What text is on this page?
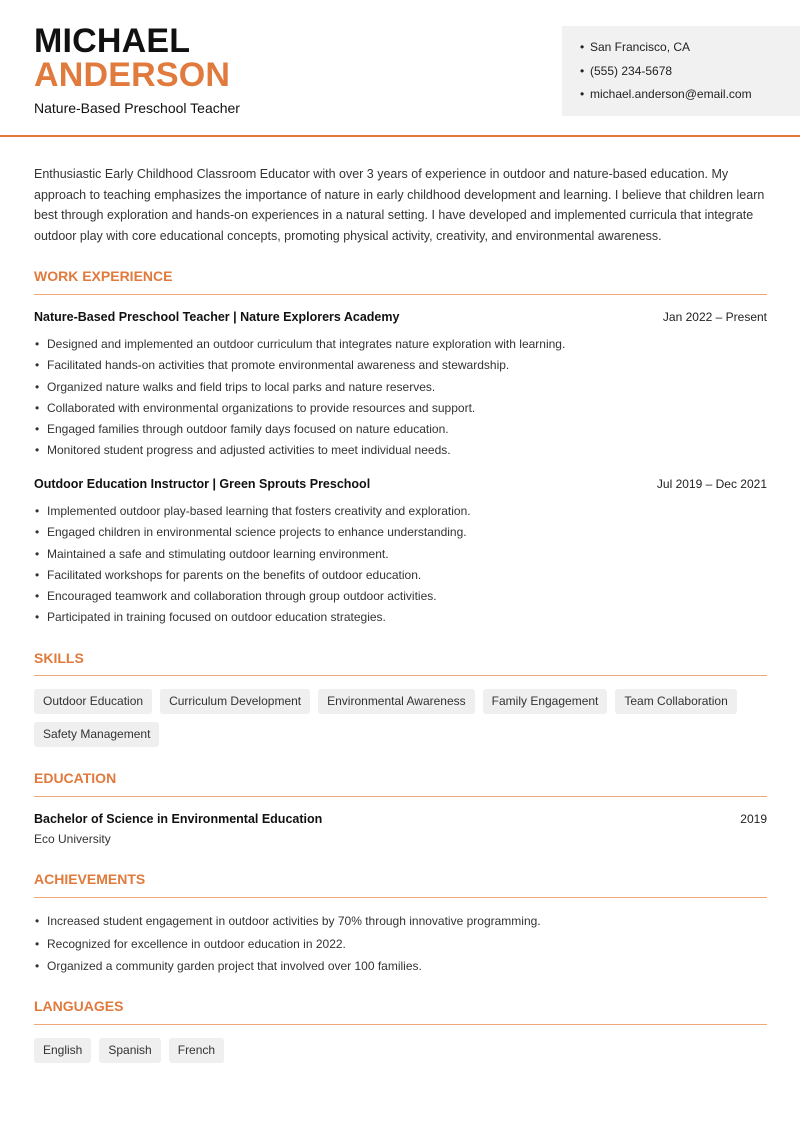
MICHAEL
ANDERSON
Nature-Based Preschool Teacher
• San Francisco, CA
• (555) 234-5678
• michael.anderson@email.com

Enthusiastic Early Childhood Classroom Educator with over 3 years of experience in outdoor and nature-based education. My approach to teaching emphasizes the importance of nature in early childhood development and learning. I believe that children learn best through exploration and hands-on experiences in a natural setting. I have developed and implemented curricula that integrate outdoor play with core educational concepts, promoting physical activity, creativity, and environmental awareness.

WORK EXPERIENCE
Nature-Based Preschool Teacher | Nature Explorers Academy	Jan 2022 – Present
• Designed and implemented an outdoor curriculum that integrates nature exploration with learning.
• Facilitated hands-on activities that promote environmental awareness and stewardship.
• Organized nature walks and field trips to local parks and nature reserves.
• Collaborated with environmental organizations to provide resources and support.
• Engaged families through outdoor family days focused on nature education.
• Monitored student progress and adjusted activities to meet individual needs.
Outdoor Education Instructor | Green Sprouts Preschool	Jul 2019 – Dec 2021
• Implemented outdoor play-based learning that fosters creativity and exploration.
• Engaged children in environmental science projects to enhance understanding.
• Maintained a safe and stimulating outdoor learning environment.
• Facilitated workshops for parents on the benefits of outdoor education.
• Encouraged teamwork and collaboration through group outdoor activities.
• Participated in training focused on outdoor education strategies.
SKILLS
Outdoor Education	Curriculum Development	Environmental Awareness	Family Engagement	Team Collaboration
Safety Management
EDUCATION
Bachelor of Science in Environmental Education	2019
Eco University
ACHIEVEMENTS
• Increased student engagement in outdoor activities by 70% through innovative programming.
• Recognized for excellence in outdoor education in 2022.
• Organized a community garden project that involved over 100 families.
LANGUAGES
English	Spanish	French
